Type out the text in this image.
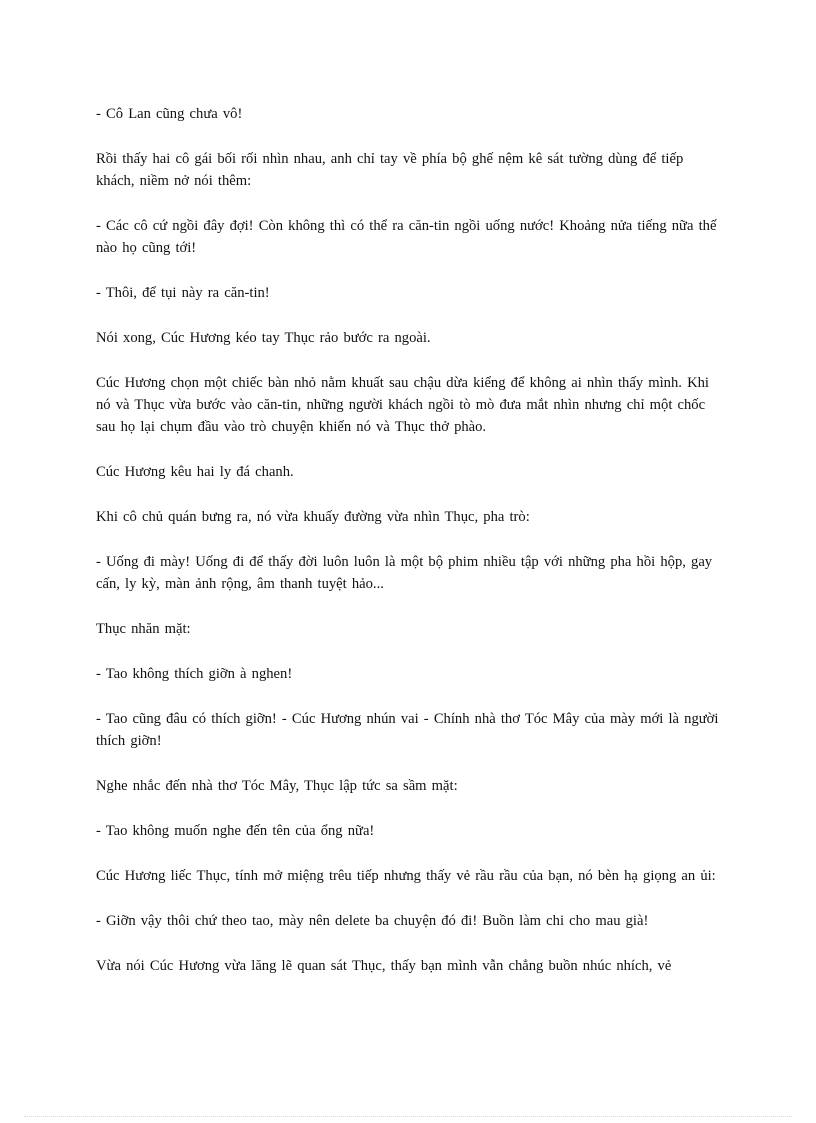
- Cô Lan cũng chưa vô!

Rồi thấy hai cô gái bối rối nhìn nhau, anh chỉ tay về phía bộ ghế nệm kê sát tường dùng để tiếp khách, niềm nở nói thêm:

- Các cô cứ ngồi đây đợi! Còn không thì có thể ra căn-tin ngồi uống nước! Khoảng nửa tiếng nữa thế nào họ cũng tới!

- Thôi, để tụi này ra căn-tin!

Nói xong, Cúc Hương kéo tay Thục rảo bước ra ngoài.

Cúc Hương chọn một chiếc bàn nhỏ nằm khuất sau chậu dừa kiểng để không ai nhìn thấy mình. Khi nó và Thục vừa bước vào căn-tin, những người khách ngồi tò mò đưa mắt nhìn nhưng chỉ một chốc sau họ lại chụm đầu vào trò chuyện khiến nó và Thục thở phào.

Cúc Hương kêu hai ly đá chanh.

Khi cô chủ quán bưng ra, nó vừa khuấy đường vừa nhìn Thục, pha trò:

- Uống đi mày! Uống đi để thấy đời luôn luôn là một bộ phim nhiều tập với những pha hồi hộp, gay cấn, ly kỳ, màn ảnh rộng, âm thanh tuyệt hảo...

Thục nhăn mặt:

- Tao không thích giỡn à nghen!

- Tao cũng đâu có thích giỡn! - Cúc Hương nhún vai - Chính nhà thơ Tóc Mây của mày mới là người thích giỡn!

Nghe nhắc đến nhà thơ Tóc Mây, Thục lập tức sa sầm mặt:

- Tao không muốn nghe đến tên của ổng nữa!

Cúc Hương liếc Thục, tính mở miệng trêu tiếp nhưng thấy vẻ rầu rầu của bạn, nó bèn hạ giọng an ủi:

- Giỡn vậy thôi chứ theo tao, mày nên delete ba chuyện đó đi! Buồn làm chi cho mau già!

Vừa nói Cúc Hương vừa lăng lẽ quan sát Thục, thấy bạn mình vẫn chẳng buồn nhúc nhích, vẻ
